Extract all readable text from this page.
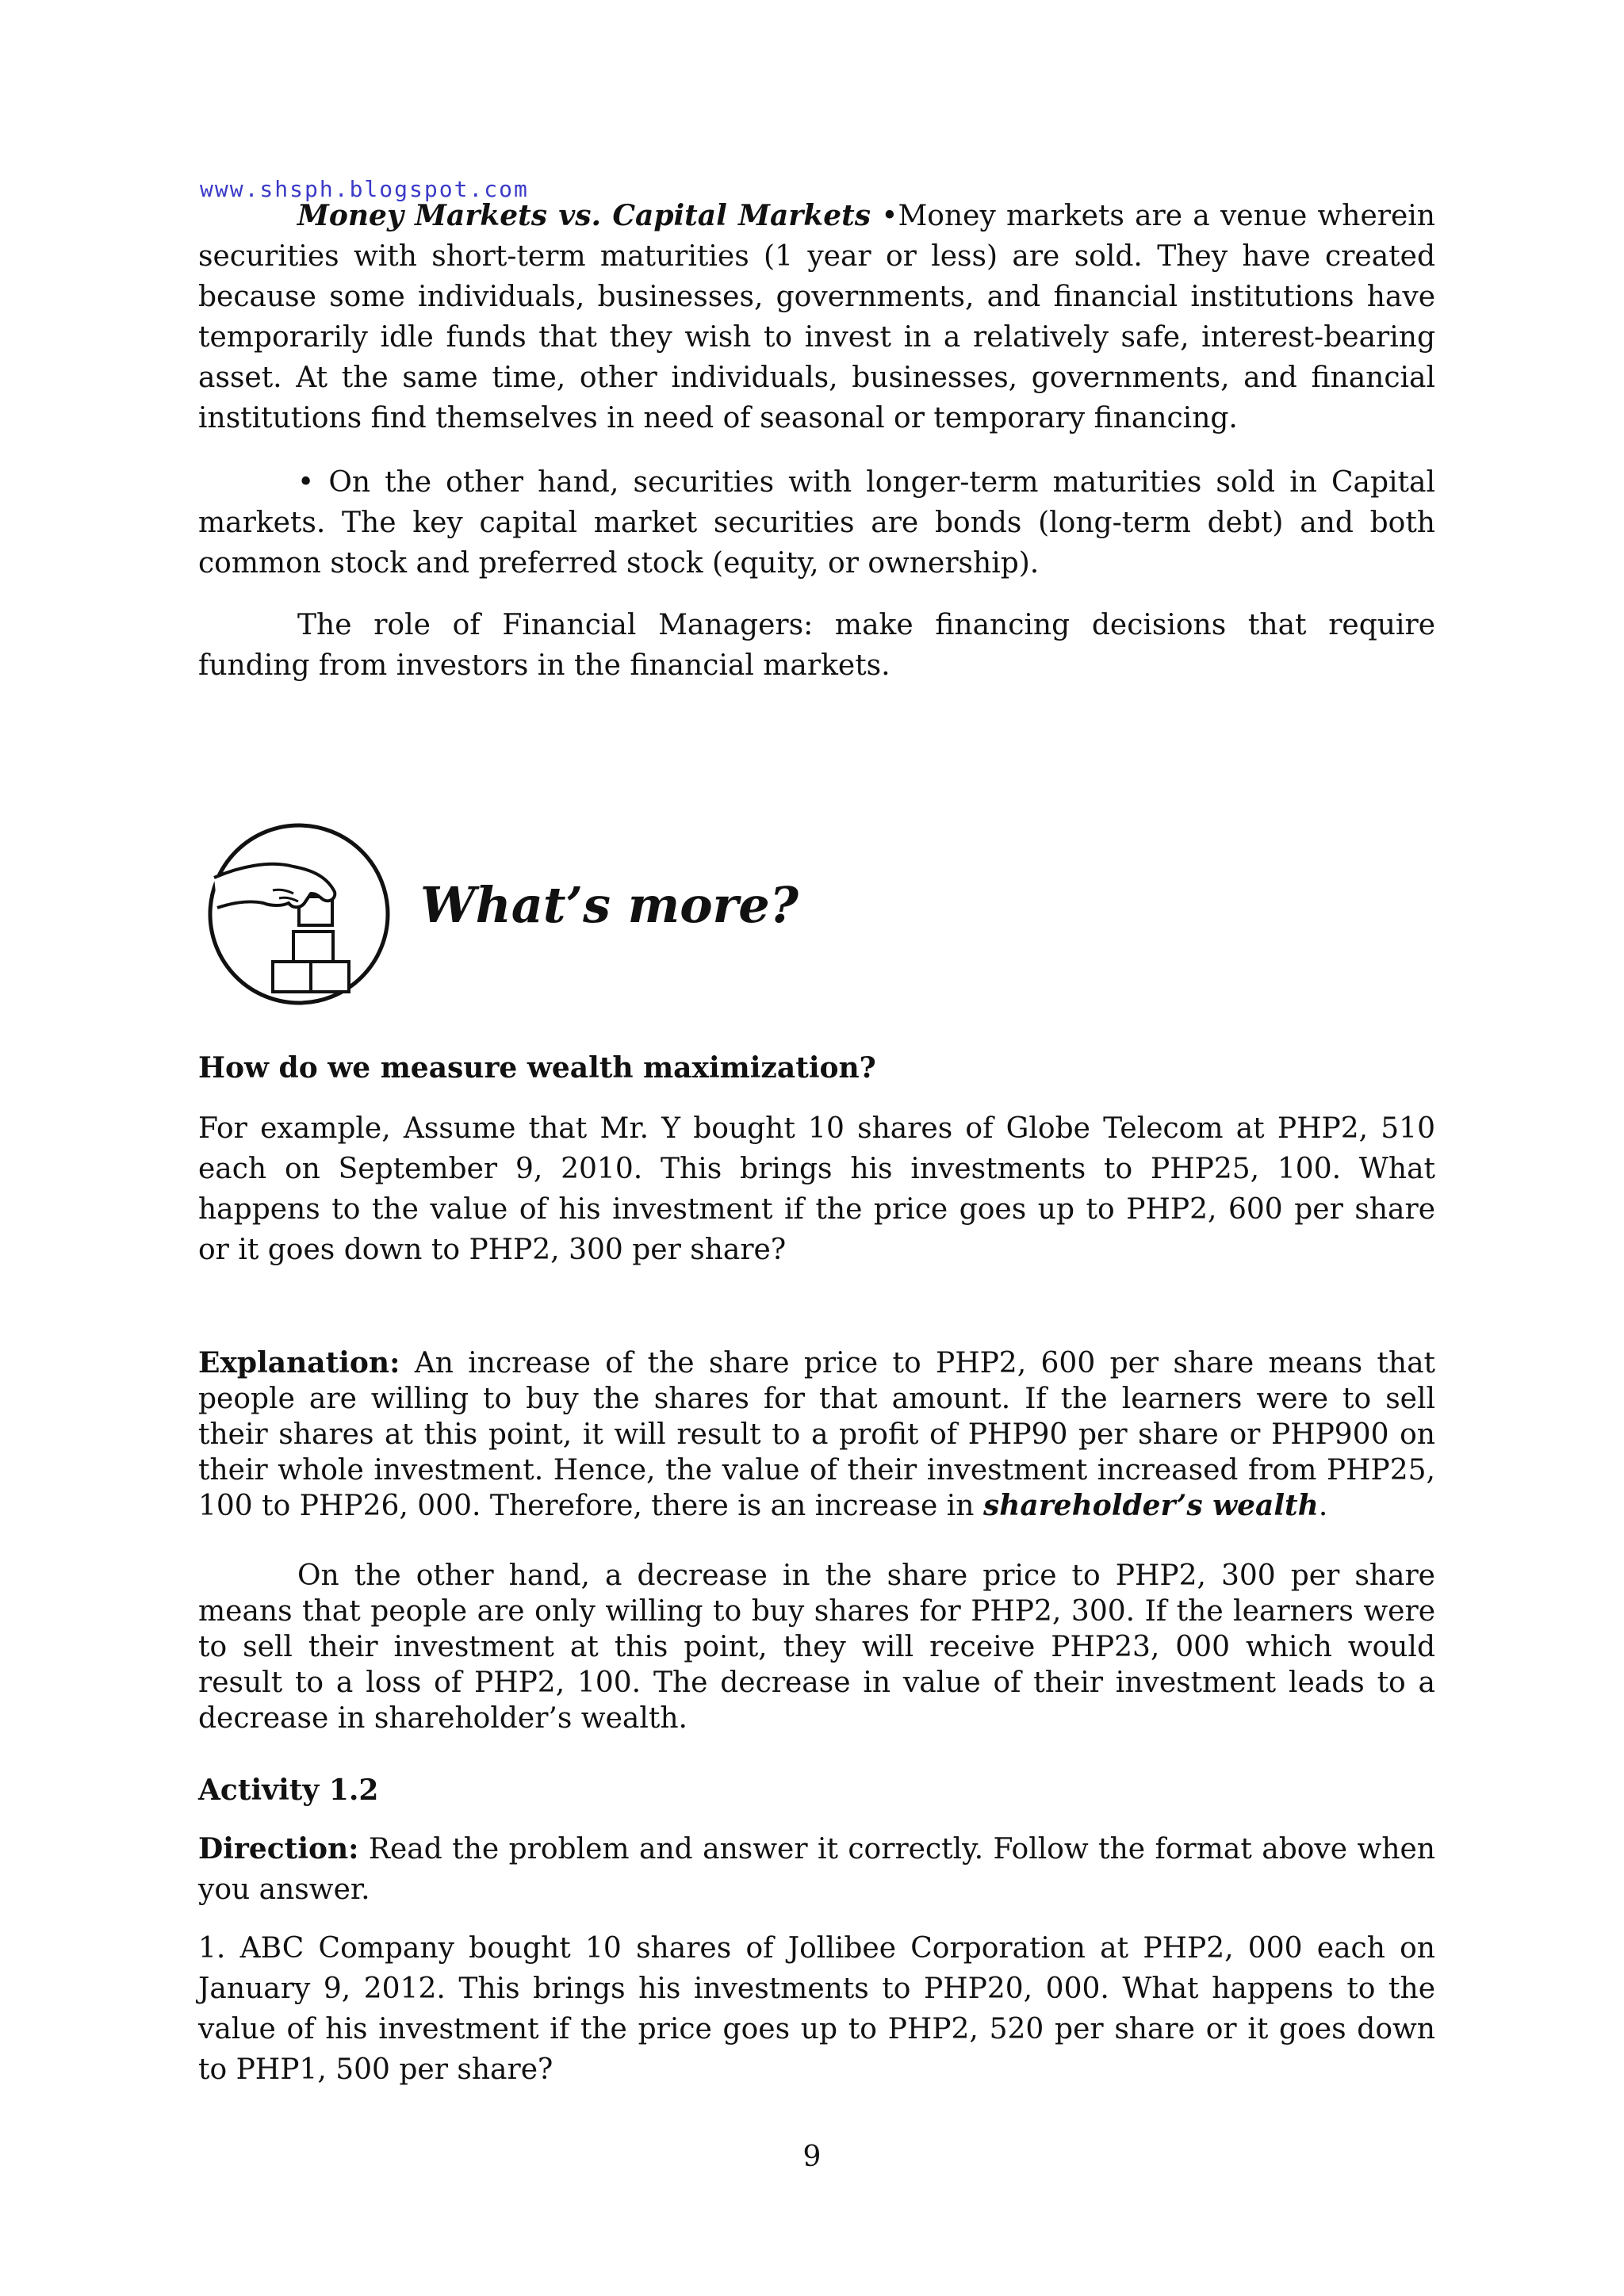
www.shsph.blogspot.com

Money Markets vs. Capital Markets •Money markets are a venue wherein securities with short-term maturities (1 year or less) are sold. They have created because some individuals, businesses, governments, and financial institutions have temporarily idle funds that they wish to invest in a relatively safe, interest-bearing asset. At the same time, other individuals, businesses, governments, and financial institutions find themselves in need of seasonal or temporary financing.

• On the other hand, securities with longer-term maturities sold in Capital markets. The key capital market securities are bonds (long-term debt) and both common stock and preferred stock (equity, or ownership).

The role of Financial Managers: make financing decisions that require funding from investors in the financial markets.

What’s more?

How do we measure wealth maximization?

For example, Assume that Mr. Y bought 10 shares of Globe Telecom at PHP2, 510 each on September 9, 2010. This brings his investments to PHP25, 100. What happens to the value of his investment if the price goes up to PHP2, 600 per share or it goes down to PHP2, 300 per share?

Explanation: An increase of the share price to PHP2, 600 per share means that people are willing to buy the shares for that amount. If the learners were to sell their shares at this point, it will result to a profit of PHP90 per share or PHP900 on their whole investment. Hence, the value of their investment increased from PHP25, 100 to PHP26, 000. Therefore, there is an increase in shareholder’s wealth.

On the other hand, a decrease in the share price to PHP2, 300 per share means that people are only willing to buy shares for PHP2, 300. If the learners were to sell their investment at this point, they will receive PHP23, 000 which would result to a loss of PHP2, 100. The decrease in value of their investment leads to a decrease in shareholder’s wealth.

Activity 1.2

Direction: Read the problem and answer it correctly. Follow the format above when you answer.

1. ABC Company bought 10 shares of Jollibee Corporation at PHP2, 000 each on January 9, 2012. This brings his investments to PHP20, 000. What happens to the value of his investment if the price goes up to PHP2, 520 per share or it goes down to PHP1, 500 per share?

9
